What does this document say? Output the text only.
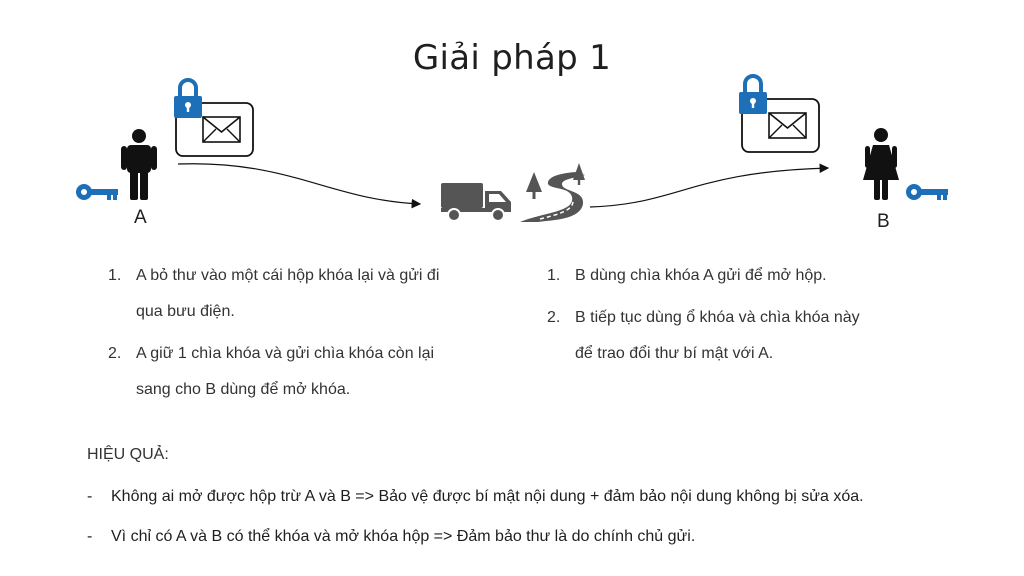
Giải pháp 1
A	B
1. A bỏ thư vào một cái hộp khóa lại và gửi đi
qua bưu điện.
2. A giữ 1 chìa khóa và gửi chìa khóa còn lại
sang cho B dùng để mở khóa.
1. B dùng chìa khóa A gửi để mở hộp.
2. B tiếp tục dùng ổ khóa và chìa khóa này
để trao đổi thư bí mật với A.
HIỆU QUẢ:
- Không ai mở được hộp trừ A và B => Bảo vệ được bí mật nội dung + đảm bảo nội dung không bị sửa xóa.
- Vì chỉ có A và B có thể khóa và mở khóa hộp => Đảm bảo thư là do chính chủ gửi.
